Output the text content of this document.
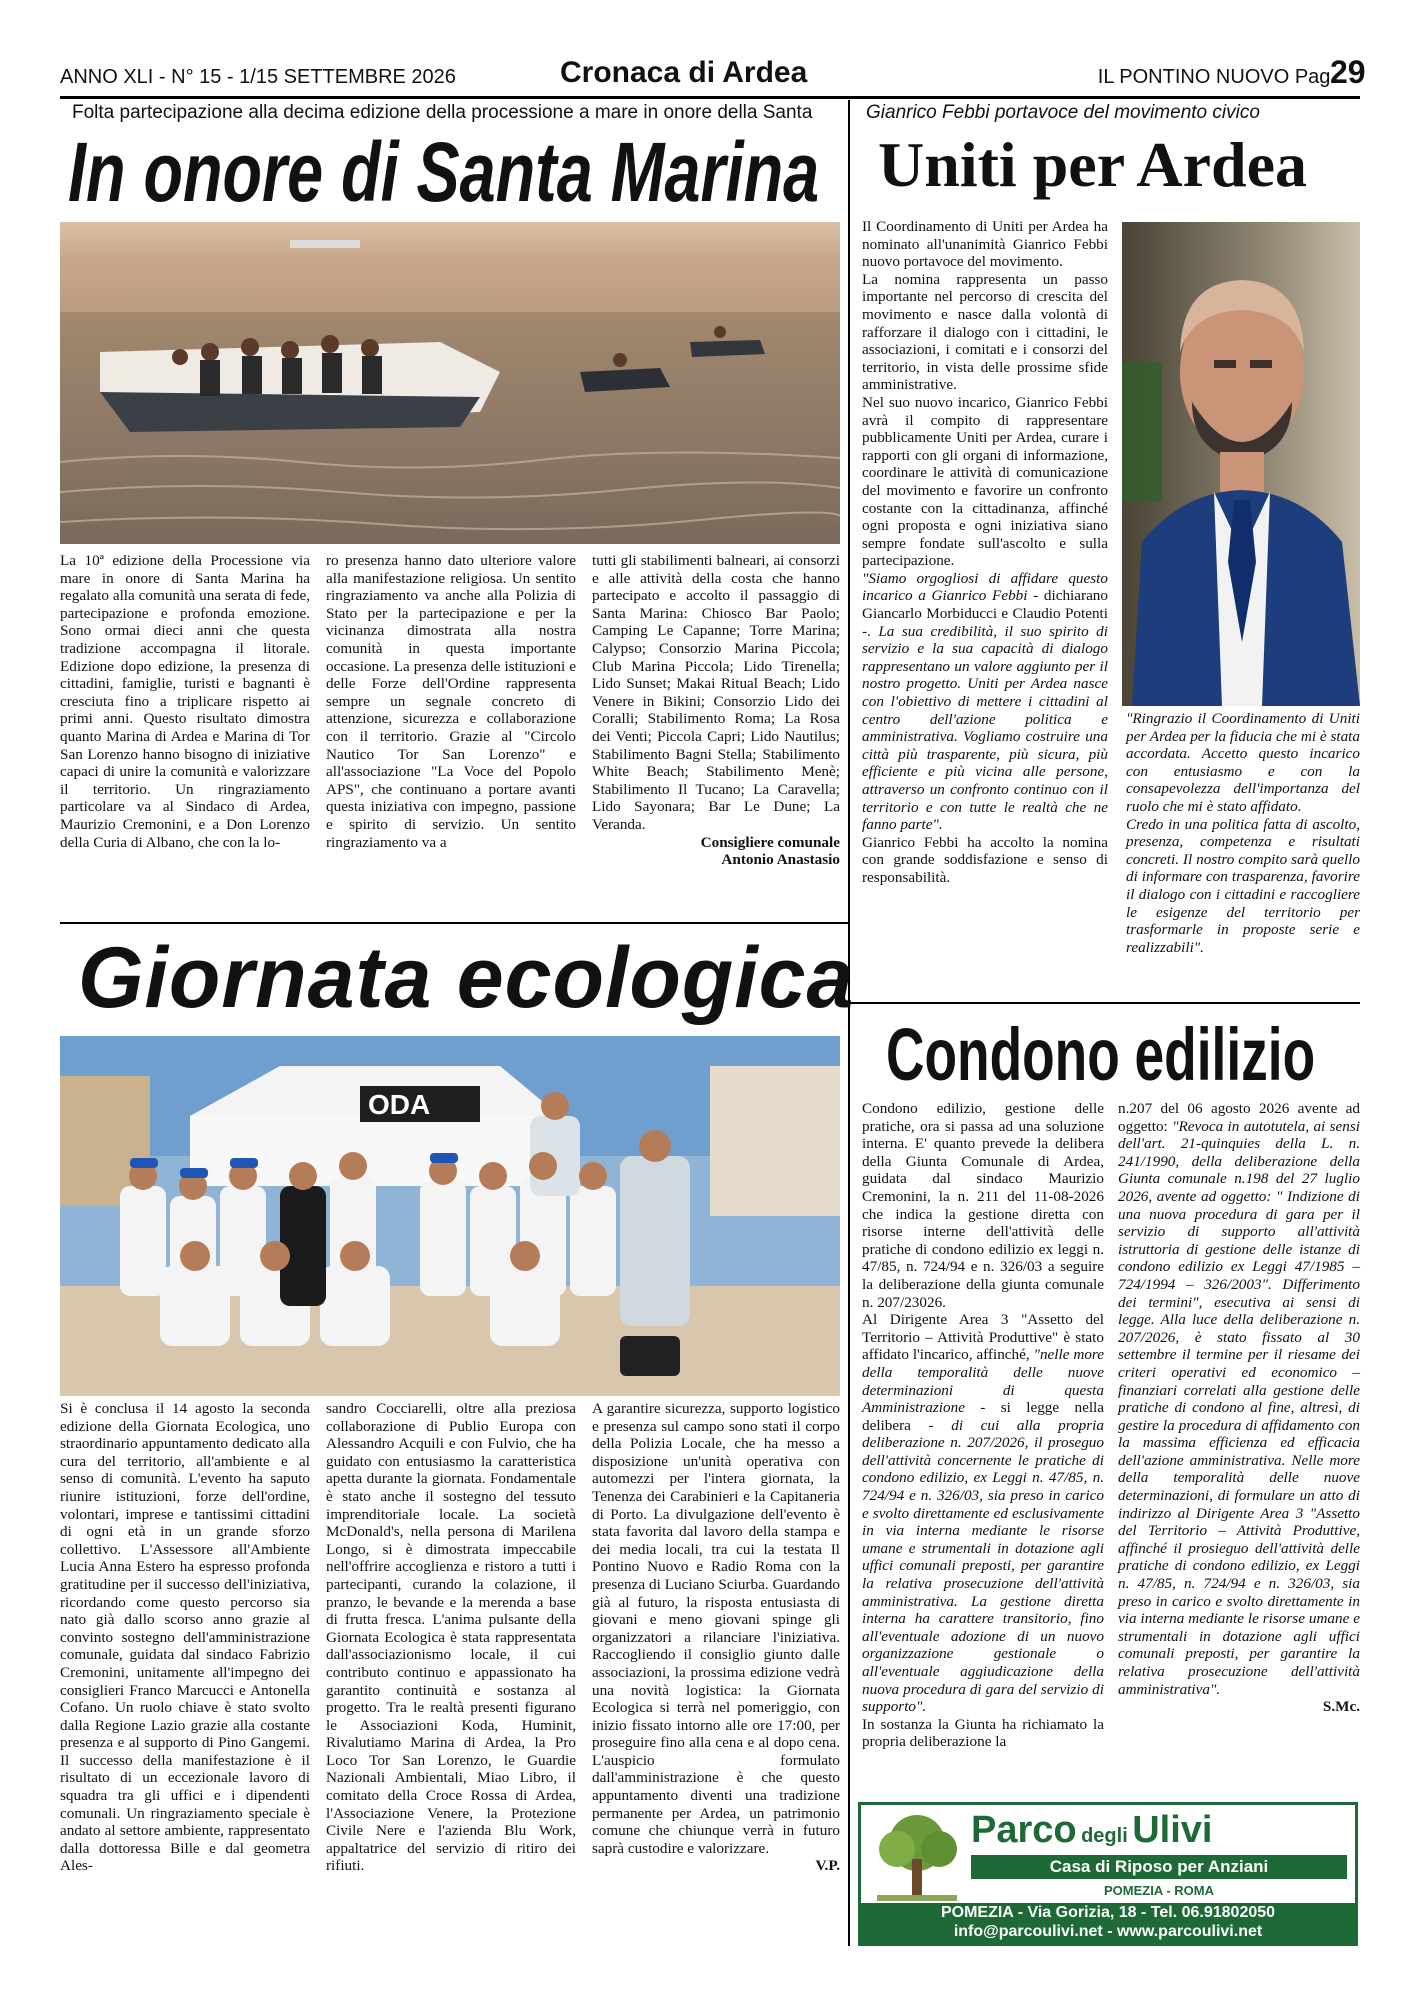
ANNO XLI - N° 15 - 1/15 SETTEMBRE 2026	Cronaca di Ardea	IL PONTINO NUOVO Pag.
29
Folta partecipazione alla decima edizione della processione a mare in onore della Santa
In onore di Santa Marina

La 10ª edizione della Processione via mare in onore di Santa Marina ha regalato alla comunità una serata di fede, partecipazione e profonda emozione. Sono ormai dieci anni che questa tradizione accompagna il litorale. Edizione dopo edizione, la presenza di cittadini, famiglie, turisti e bagnanti è cresciuta fino a triplicare rispetto ai primi anni. Questo risultato dimostra quanto Marina di Ardea e Marina di Tor San Lorenzo hanno bisogno di iniziative capaci di unire la comunità e valorizzare il territorio. Un ringraziamento particolare va al Sindaco di Ardea, Maurizio Cremonini, e a Don Lorenzo della Curia di Albano, che con la lo-

ro presenza hanno dato ulteriore valore alla manifestazione religiosa. Un sentito ringraziamento va anche alla Polizia di Stato per la partecipazione e per la vicinanza dimostrata alla nostra comunità in questa importante occasione. La presenza delle istituzioni e delle Forze dell'Ordine rappresenta sempre un segnale concreto di attenzione, sicurezza e collaborazione con il territorio. Grazie al "Circolo Nautico Tor San Lorenzo" e all'associazione "La Voce del Popolo APS", che continuano a portare avanti questa iniziativa con impegno, passione e spirito di servizio. Un sentito ringraziamento va a

tutti gli stabilimenti balneari, ai consorzi e alle attività della costa che hanno partecipato e accolto il passaggio di Santa Marina: Chiosco Bar Paolo; Camping Le Capanne; Torre Marina; Calypso; Consorzio Marina Piccola; Club Marina Piccola; Lido Tirenella; Lido Sunset; Makai Ritual Beach; Lido Venere in Bikini; Consorzio Lido dei Coralli; Stabilimento Roma; La Rosa dei Venti; Piccola Capri; Lido Nautilus; Stabilimento Bagni Stella; Stabilimento White Beach; Stabilimento Menè; Stabilimento Il Tucano; La Caravella; Lido Sayonara; Bar Le Dune; La Veranda.

Consigliere comunale

Antonio Anastasio

Gianrico Febbi portavoce del movimento civico
Uniti per Ardea

Il Coordinamento di Uniti per Ardea ha nominato all'unanimità Gianrico Febbi nuovo portavoce del movimento.

La nomina rappresenta un passo importante nel percorso di crescita del movimento e nasce dalla volontà di rafforzare il dialogo con i cittadini, le associazioni, i comitati e i consorzi del territorio, in vista delle prossime sfide amministrative.

Nel suo nuovo incarico, Gianrico Febbi avrà il compito di rappresentare pubblicamente Uniti per Ardea, curare i rapporti con gli organi di informazione, coordinare le attività di comunicazione del movimento e favorire un confronto costante con la cittadinanza, affinché ogni proposta e ogni iniziativa siano sempre fondate sull'ascolto e sulla partecipazione.

"Siamo orgogliosi di affidare questo incarico a Gianrico Febbi - dichiarano Giancarlo Morbiducci e Claudio Potenti -. La sua credibilità, il suo spirito di servizio e la sua capacità di dialogo rappresentano un valore aggiunto per il nostro progetto. Uniti per Ardea nasce con l'obiettivo di mettere i cittadini al centro dell'azione politica e amministrativa. Vogliamo costruire una città più trasparente, più sicura, più efficiente e più vicina alle persone, attraverso un confronto continuo con il territorio e con tutte le realtà che ne fanno parte".

Gianrico Febbi ha accolto la nomina con grande soddisfazione e senso di responsabilità.

"Ringrazio il Coordinamento di Uniti per Ardea per la fiducia che mi è stata accordata. Accetto questo incarico con entusiasmo e con la consapevolezza dell'importanza del ruolo che mi è stato affidato.

Credo in una politica fatta di ascolto, presenza, competenza e risultati concreti. Il nostro compito sarà quello di informare con trasparenza, favorire il dialogo con i cittadini e raccogliere le esigenze del territorio per trasformarle in proposte serie e realizzabili".

Giornata ecologica
ODA

Si è conclusa il 14 agosto la seconda edizione della Giornata Ecologica, uno straordinario appuntamento dedicato alla cura del territorio, all'ambiente e al senso di comunità. L'evento ha saputo riunire istituzioni, forze dell'ordine, volontari, imprese e tantissimi cittadini di ogni età in un grande sforzo collettivo. L'Assessore all'Ambiente Lucia Anna Estero ha espresso profonda gratitudine per il successo dell'iniziativa, ricordando come questo percorso sia nato già dallo scorso anno grazie al convinto sostegno dell'amministrazione comunale, guidata dal sindaco Fabrizio Cremonini, unitamente all'impegno dei consiglieri Franco Marcucci e Antonella Cofano. Un ruolo chiave è stato svolto dalla Regione Lazio grazie alla costante presenza e al supporto di Pino Gangemi. Il successo della manifestazione è il risultato di un eccezionale lavoro di squadra tra gli uffici e i dipendenti comunali. Un ringraziamento speciale è andato al settore ambiente, rappresentato dalla dottoressa Bille e dal geometra Ales-

sandro Cocciarelli, oltre alla preziosa collaborazione di Publio Europa con Alessandro Acquili e con Fulvio, che ha guidato con entusiasmo la caratteristica apetta durante la giornata. Fondamentale è stato anche il sostegno del tessuto imprenditoriale locale. La società McDonald's, nella persona di Marilena Longo, si è dimostrata impeccabile nell'offrire accoglienza e ristoro a tutti i partecipanti, curando la colazione, il pranzo, le bevande e la merenda a base di frutta fresca. L'anima pulsante della Giornata Ecologica è stata rappresentata dall'associazionismo locale, il cui contributo continuo e appassionato ha garantito continuità e sostanza al progetto. Tra le realtà presenti figurano le Associazioni Koda, Huminit, Rivalutiamo Marina di Ardea, la Pro Loco Tor San Lorenzo, le Guardie Nazionali Ambientali, Miao Libro, il comitato della Croce Rossa di Ardea, l'Associazione Venere, la Protezione Civile Nere e l'azienda Blu Work, appaltatrice del servizio di ritiro dei rifiuti.

A garantire sicurezza, supporto logistico e presenza sul campo sono stati il corpo della Polizia Locale, che ha messo a disposizione un'unità operativa con automezzi per l'intera giornata, la Tenenza dei Carabinieri e la Capitaneria di Porto. La divulgazione dell'evento è stata favorita dal lavoro della stampa e dei media locali, tra cui la testata Il Pontino Nuovo e Radio Roma con la presenza di Luciano Sciurba. Guardando già al futuro, la risposta entusiasta di giovani e meno giovani spinge gli organizzatori a rilanciare l'iniziativa. Raccogliendo il consiglio giunto dalle associazioni, la prossima edizione vedrà una novità logistica: la Giornata Ecologica si terrà nel pomeriggio, con inizio fissato intorno alle ore 17:00, per proseguire fino alla cena e al dopo cena. L'auspicio formulato dall'amministrazione è che questo appuntamento diventi una tradizione permanente per Ardea, un patrimonio comune che chiunque verrà in futuro saprà custodire e valorizzare.

V.P.

Condono edilizio

Condono edilizio, gestione delle pratiche, ora si passa ad una soluzione interna. E' quanto prevede la delibera della Giunta Comunale di Ardea, guidata dal sindaco Maurizio Cremonini, la n. 211 del 11-08-2026 che indica la gestione diretta con risorse interne dell'attività delle pratiche di condono edilizio ex leggi n. 47/85, n. 724/94 e n. 326/03 a seguire la deliberazione della giunta comunale n. 207/23026.

Al Dirigente Area 3 "Assetto del Territorio – Attività Produttive" è stato affidato l'incarico, affinché, "nelle more della temporalità delle nuove determinazioni di questa Amministrazione - si legge nella delibera - di cui alla propria deliberazione n. 207/2026, il proseguo dell'attività concernente le pratiche di condono edilizio, ex Leggi n. 47/85, n. 724/94 e n. 326/03, sia preso in carico e svolto direttamente ed esclusivamente in via interna mediante le risorse umane e strumentali in dotazione agli uffici comunali preposti, per garantire la relativa prosecuzione dell'attività amministrativa. La gestione diretta interna ha carattere transitorio, fino all'eventuale adozione di un nuovo organizzazione gestionale o all'eventuale aggiudicazione della nuova procedura di gara del servizio di supporto".

In sostanza la Giunta ha richiamato la propria deliberazione la

n.207 del 06 agosto 2026 avente ad oggetto: "Revoca in autotutela, ai sensi dell'art. 21-quinquies della L. n. 241/1990, della deliberazione della Giunta comunale n.198 del 27 luglio 2026, avente ad oggetto: " Indizione di una nuova procedura di gara per il servizio di supporto all'attività istruttoria di gestione delle istanze di condono edilizio ex Leggi 47/1985 – 724/1994 – 326/2003". Differimento dei termini", esecutiva ai sensi di legge. Alla luce della deliberazione n. 207/2026, è stato fissato al 30 settembre il termine per il riesame dei criteri operativi ed economico – finanziari correlati alla gestione delle pratiche di condono al fine, altresì, di gestire la procedura di affidamento con la massima efficienza ed efficacia dell'azione amministrativa. Nelle more della temporalità delle nuove determinazioni, di formulare un atto di indirizzo al Dirigente Area 3 "Assetto del Territorio – Attività Produttive, affinché il prosieguo dell'attività delle pratiche di condono edilizio, ex Leggi n. 47/85, n. 724/94 e n. 326/03, sia preso in carico e svolto direttamente in via interna mediante le risorse umane e strumentali in dotazione agli uffici comunali preposti, per garantire la relativa prosecuzione dell'attività amministrativa".

S.Mc.

Parco degli Ulivi
Casa di Riposo per Anziani
POMEZIA - ROMA
POMEZIA - Via Gorizia, 18 - Tel. 06.91802050
info@parcoulivi.net - www.parcoulivi.net
